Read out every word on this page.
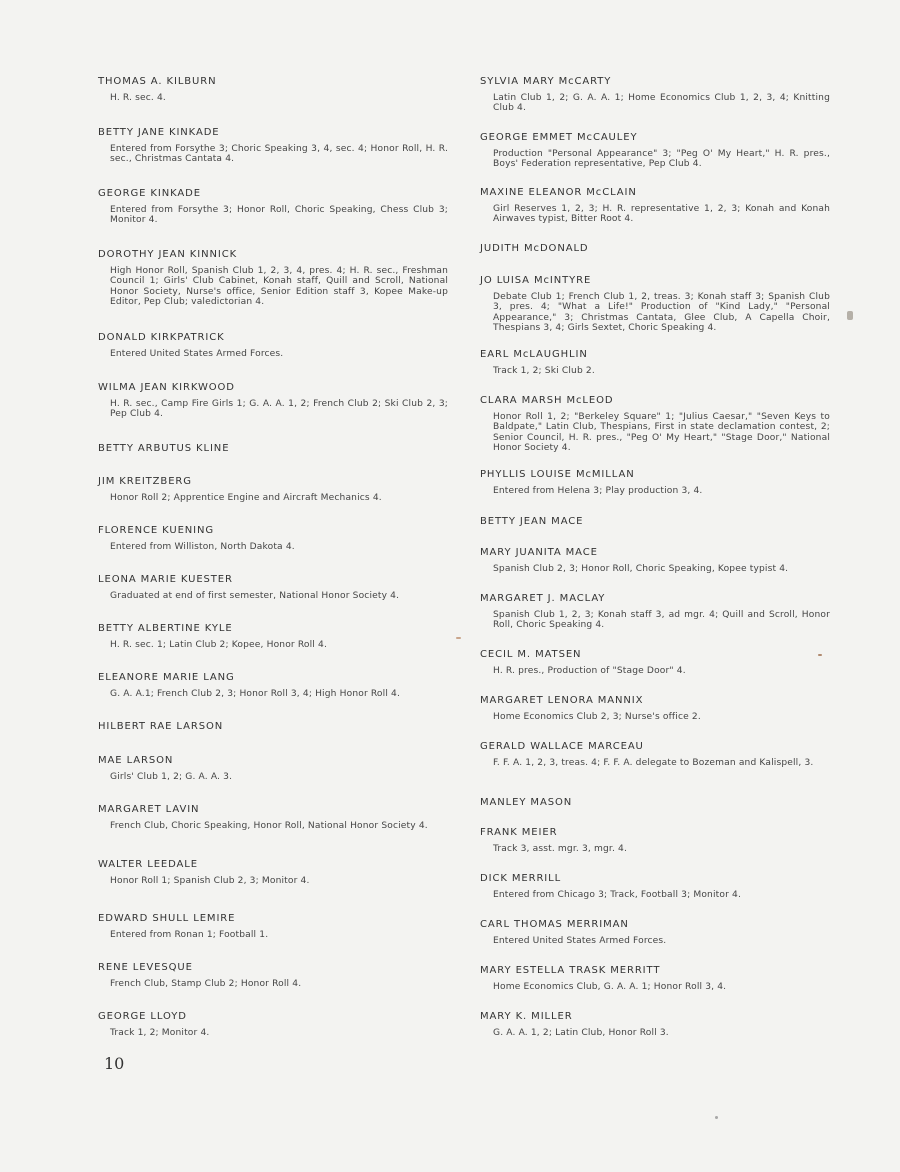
THOMAS A. KILBURN
H. R. sec. 4.
BETTY JANE KINKADE
Entered from Forsythe 3; Choric Speaking 3, 4, sec. 4; Honor Roll, H. R. sec., Christmas Cantata 4.
GEORGE KINKADE
Entered from Forsythe 3; Honor Roll, Choric Speaking, Chess Club 3; Monitor 4.
DOROTHY JEAN KINNICK
High Honor Roll, Spanish Club 1, 2, 3, 4, pres. 4; H. R. sec., Freshman Council 1; Girls' Club Cabinet, Konah staff, Quill and Scroll, National Honor Society, Nurse's office, Senior Edition staff 3, Kopee Make-up Editor, Pep Club; valedictorian 4.
DONALD KIRKPATRICK
Entered United States Armed Forces.
WILMA JEAN KIRKWOOD
H. R. sec., Camp Fire Girls 1; G. A. A. 1, 2; French Club 2; Ski Club 2, 3; Pep Club 4.
BETTY ARBUTUS KLINE
JIM KREITZBERG
Honor Roll 2; Apprentice Engine and Aircraft Mechanics 4.
FLORENCE KUENING
Entered from Williston, North Dakota 4.
LEONA MARIE KUESTER
Graduated at end of first semester, National Honor Society 4.
BETTY ALBERTINE KYLE
H. R. sec. 1; Latin Club 2; Kopee, Honor Roll 4.
ELEANORE MARIE LANG
G. A. A.1; French Club 2, 3; Honor Roll 3, 4; High Honor Roll 4.
HILBERT RAE LARSON
MAE LARSON
Girls' Club 1, 2; G. A. A. 3.
MARGARET LAVIN
French Club, Choric Speaking, Honor Roll, National Honor Society 4.
WALTER LEEDALE
Honor Roll 1; Spanish Club 2, 3; Monitor 4.
EDWARD SHULL LEMIRE
Entered from Ronan 1; Football 1.
RENE LEVESQUE
French Club, Stamp Club 2; Honor Roll 4.
GEORGE LLOYD
Track 1, 2; Monitor 4.
SYLVIA MARY McCARTY
Latin Club 1, 2; G. A. A. 1; Home Economics Club 1, 2, 3, 4; Knitting Club 4.
GEORGE EMMET McCAULEY
Production "Personal Appearance" 3; "Peg O' My Heart," H. R. pres., Boys' Federation representative, Pep Club 4.
MAXINE ELEANOR McCLAIN
Girl Reserves 1, 2, 3; H. R. representative 1, 2, 3; Konah and Konah Airwaves typist, Bitter Root 4.
JUDITH McDONALD
JO LUISA McINTYRE
Debate Club 1; French Club 1, 2, treas. 3; Konah staff 3; Spanish Club 3, pres. 4; "What a Life!" Production of "Kind Lady," "Personal Appearance," 3; Christmas Cantata, Glee Club, A Capella Choir, Thespians 3, 4; Girls Sextet, Choric Speaking 4.
EARL McLAUGHLIN
Track 1, 2; Ski Club 2.
CLARA MARSH McLEOD
Honor Roll 1, 2; "Berkeley Square" 1; "Julius Caesar," "Seven Keys to Baldpate," Latin Club, Thespians, First in state declamation contest, 2; Senior Council, H. R. pres., "Peg O' My Heart," "Stage Door," National Honor Society 4.
PHYLLIS LOUISE McMILLAN
Entered from Helena 3; Play production 3, 4.
BETTY JEAN MACE
MARY JUANITA MACE
Spanish Club 2, 3; Honor Roll, Choric Speaking, Kopee typist 4.
MARGARET J. MACLAY
Spanish Club 1, 2, 3; Konah staff 3, ad mgr. 4; Quill and Scroll, Honor Roll, Choric Speaking 4.
CECIL M. MATSEN
H. R. pres., Production of "Stage Door" 4.
MARGARET LENORA MANNIX
Home Economics Club 2, 3; Nurse's office 2.
GERALD WALLACE MARCEAU
F. F. A. 1, 2, 3, treas. 4; F. F. A. delegate to Bozeman and Kalispell, 3.
MANLEY MASON
FRANK MEIER
Track 3, asst. mgr. 3, mgr. 4.
DICK MERRILL
Entered from Chicago 3; Track, Football 3; Monitor 4.
CARL THOMAS MERRIMAN
Entered United States Armed Forces.
MARY ESTELLA TRASK MERRITT
Home Economics Club, G. A. A. 1; Honor Roll 3, 4.
MARY K. MILLER
G. A. A. 1, 2; Latin Club, Honor Roll 3.
10
